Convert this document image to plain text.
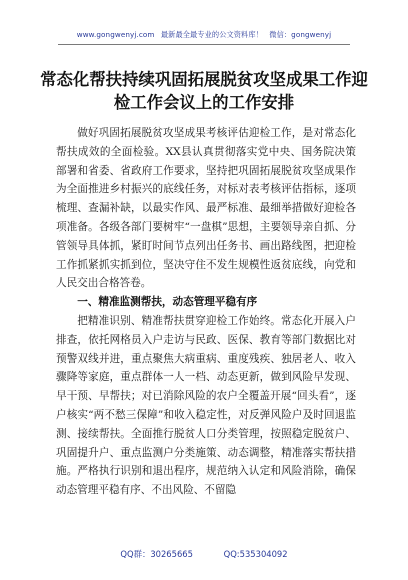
www.gongwenyj.com 最新最全最专业的公文资料库！ 微信：gongwenyj
常态化帮扶持续巩固拓展脱贫攻坚成果工作迎检工作会议上的工作安排

做好巩固拓展脱贫攻坚成果考核评估迎检工作，是对常态化帮扶成效的全面检验。XX县认真贯彻落实党中央、国务院决策部署和省委、省政府工作要求，坚持把巩固拓展脱贫攻坚成果作为全面推进乡村振兴的底线任务，对标对表考核评估指标，逐项梳理、查漏补缺，以最实作风、最严标准、最细举措做好迎检各项准备。各级各部门要树牢“一盘棋”思想，主要领导亲自抓、分管领导具体抓，紧盯时间节点列出任务书、画出路线图，把迎检工作抓紧抓实抓到位，坚决守住不发生规模性返贫底线，向党和人民交出合格答卷。

一、精准监测帮扶，动态管理平稳有序

把精准识别、精准帮扶贯穿迎检工作始终。常态化开展入户排查，依托网格员入户走访与民政、医保、教育等部门数据比对预警双线并进，重点聚焦大病重病、重度残疾、独居老人、收入骤降等家庭，重点群体一人一档、动态更新，做到风险早发现、早干预、早帮扶；对已消除风险的农户全覆盖开展“回头看”，逐户核实“两不愁三保障”和收入稳定性，对反弹风险户及时回退监测、接续帮扶。全面推行脱贫人口分类管理，按照稳定脱贫户、巩固提升户、重点监测户分类施策、动态调整，精准落实帮扶措施。严格执行识别和退出程序，规范纳入认定和风险消除，确保动态管理平稳有序、不出风险、不留隐

QQ群：30265665	QQ:535304092
